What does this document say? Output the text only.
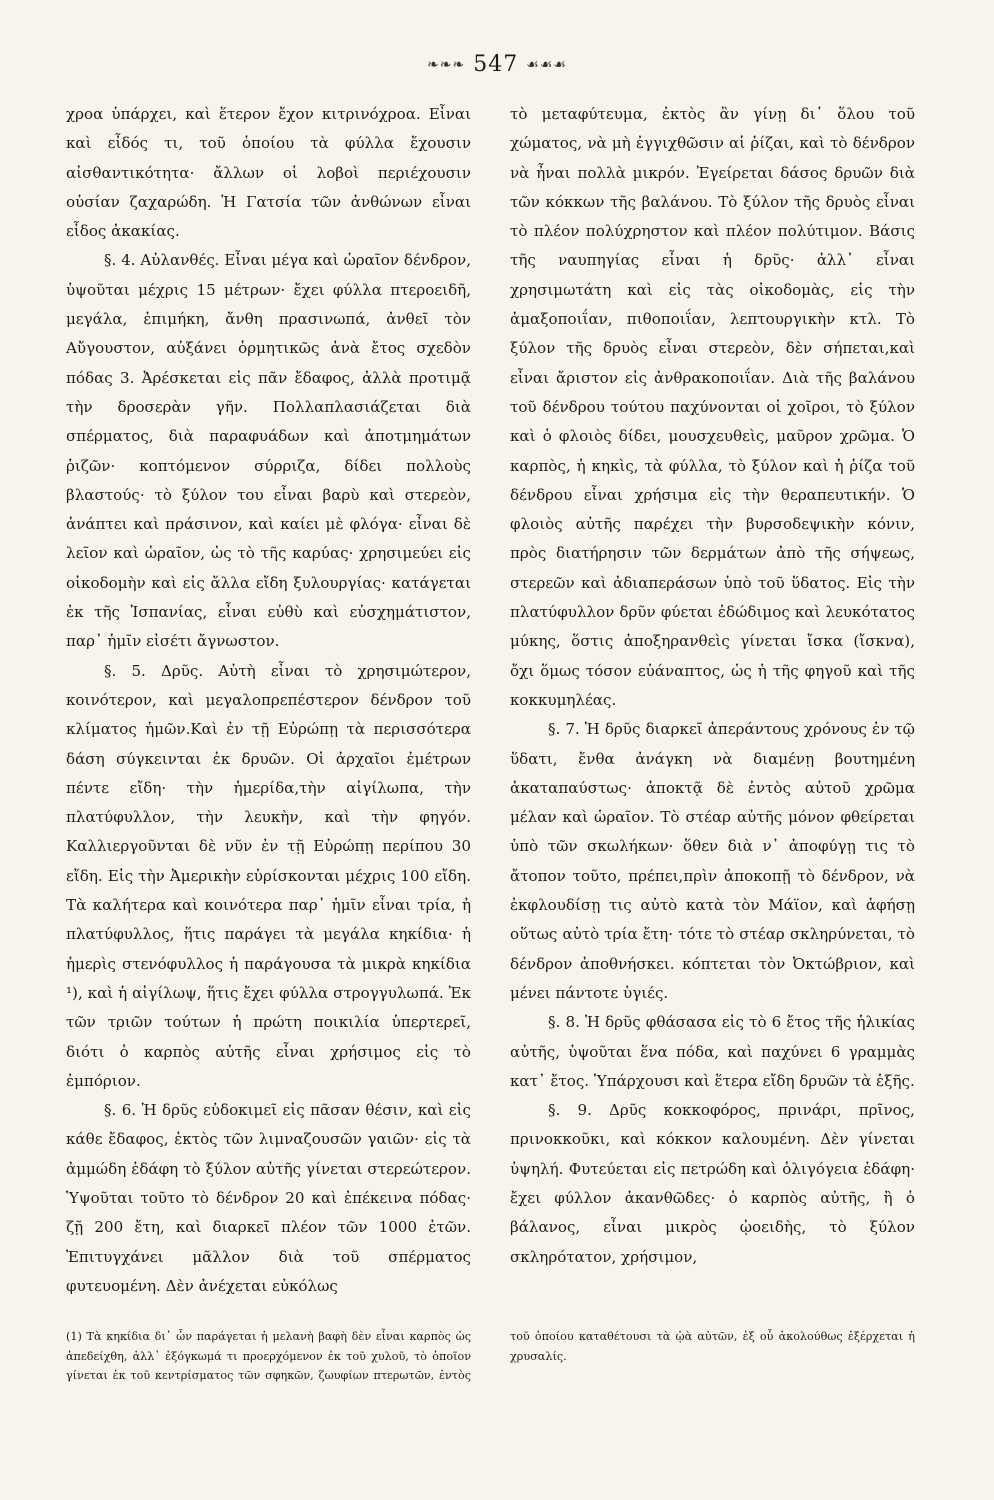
❧❧❧ 547 ☙☙☙

χροα ὑπάρχει, καὶ ἕτερον ἔχον κιτρινόχροα. Εἶναι καὶ εἶδός τι, τοῦ ὁποίου τὰ φύλλα ἔχουσιν αἰσθαντικότητα· ἄλλων οἱ λοβοὶ περιέχουσιν οὐσίαν ζαχαρώδη. Ἡ Γατσία τῶν ἀνθώνων εἶναι εἶδος ἀκακίας.

§. 4. Αὐλανθές. Εἶναι μέγα καὶ ὡραῖον δένδρον, ὑψοῦται μέχρις 15 μέτρων· ἔχει φύλλα πτεροειδῆ, μεγάλα, ἐπιμήκη, ἄνθη πρασινωπά, ἀνθεῖ τὸν Αὔγουστον, αὐξάνει ὁρμητικῶς ἀνὰ ἔτος σχεδὸν πόδας 3. Ἀρέσκεται εἰς πᾶν ἔδαφος, ἀλλὰ προτιμᾷ τὴν δροσερὰν γῆν. Πολλαπλασιάζεται διὰ σπέρματος, διὰ παραφυάδων καὶ ἀποτμημάτων ῥιζῶν· κοπτόμενον σύρριζα, δίδει πολλοὺς βλαστούς· τὸ ξύλον του εἶναι βαρὺ καὶ στερεὸν, ἀνάπτει καὶ πράσινον, καὶ καίει μὲ φλόγα· εἶναι δὲ λεῖον καὶ ὡραῖον, ὡς τὸ τῆς καρύας· χρησιμεύει εἰς οἰκοδομὴν καὶ εἰς ἄλλα εἴδη ξυλουργίας· κατάγεται ἐκ τῆς Ἱσπανίας, εἶναι εὐθὺ καὶ εὐσχημάτιστον, παρ᾽ ἡμῖν εἰσέτι ἄγνωστον.

§. 5. Δρῦς. Αὐτὴ εἶναι τὸ χρησιμώτερον, κοινότερον, καὶ μεγαλοπρεπέστερον δένδρον τοῦ κλίματος ἡμῶν.Καὶ ἐν τῇ Εὐρώπῃ τὰ περισσότερα δάση σύγκεινται ἐκ δρυῶν. Οἱ ἀρχαῖοι ἐμέτρων πέντε εἴδη· τὴν ἡμερίδα,τὴν αἰγίλωπα, τὴν πλατύφυλλον, τὴν λευκὴν, καὶ τὴν φηγόν. Καλλιεργοῦνται δὲ νῦν ἐν τῇ Εὐρώπῃ περίπου 30 εἴδη. Εἰς τὴν Ἀμερικὴν εὑρίσκονται μέχρις 100 εἴδη. Τὰ καλήτερα καὶ κοινότερα παρ᾽ ἡμῖν εἶναι τρία, ἡ πλατύφυλλος, ἥτις παράγει τὰ μεγάλα κηκίδια· ἡ ἡμερὶς στενόφυλλος ἡ παράγουσα τὰ μικρὰ κηκίδια ¹), καὶ ἡ αἰγίλωψ, ἥτις ἔχει φύλλα στρογγυλωπά. Ἐκ τῶν τριῶν τούτων ἡ πρώτη ποικιλία ὑπερτερεῖ, διότι ὁ καρπὸς αὐτῆς εἶναι χρήσιμος εἰς τὸ ἐμπόριον.

§. 6. Ἡ δρῦς εὐδοκιμεῖ εἰς πᾶσαν θέσιν, καὶ εἰς κάθε ἔδαφος, ἐκτὸς τῶν λιμναζουσῶν γαιῶν· εἰς τὰ ἀμμώδη ἐδάφη τὸ ξύλον αὐτῆς γίνεται στερεώτερον. Ὑψοῦται τοῦτο τὸ δένδρον 20 καὶ ἐπέκεινα πόδας· ζῇ 200 ἔτη, καὶ διαρκεῖ πλέον τῶν 1000 ἐτῶν. Ἐπιτυγχάνει μᾶλλον διὰ τοῦ σπέρματος φυτευομένη. Δὲν ἀνέχεται εὐκόλως

τὸ μεταφύτευμα, ἐκτὸς ἂν γίνῃ δι᾽ ὅλου τοῦ χώματος, νὰ μὴ ἐγγιχθῶσιν αἱ ῥίζαι, καὶ τὸ δένδρον νὰ ἦναι πολλὰ μικρόν. Ἐγείρεται δάσος δρυῶν διὰ τῶν κόκκων τῆς βαλάνου. Τὸ ξύλον τῆς δρυὸς εἶναι τὸ πλέον πολύχρηστον καὶ πλέον πολύτιμον. Βάσις τῆς ναυπηγίας εἶναι ἡ δρῦς· ἀλλ᾽ εἶναι χρησιμωτάτη καὶ εἰς τὰς οἰκοδομὰς, εἰς τὴν ἁμαξοποιΐαν, πιθοποιΐαν, λεπτουργικὴν κτλ. Τὸ ξύλον τῆς δρυὸς εἶναι στερεὸν, δὲν σήπεται,καὶ εἶναι ἄριστον εἰς ἀνθρακοποιΐαν. Διὰ τῆς βαλάνου τοῦ δένδρου τούτου παχύνονται οἱ χοῖροι, τὸ ξύλον καὶ ὁ φλοιὸς δίδει, μουσχευθεὶς, μαῦρον χρῶμα. Ὁ καρπὸς, ἡ κηκὶς, τὰ φύλλα, τὸ ξύλον καὶ ἡ ῥίζα τοῦ δένδρου εἶναι χρήσιμα εἰς τὴν θεραπευτικήν. Ὁ φλοιὸς αὐτῆς παρέχει τὴν βυρσοδεψικὴν κόνιν, πρὸς διατήρησιν τῶν δερμάτων ἀπὸ τῆς σήψεως, στερεῶν καὶ ἀδιαπεράσων ὑπὸ τοῦ ὕδατος. Εἰς τὴν πλατύφυλλον δρῦν φύεται ἐδώδιμος καὶ λευκότατος μύκης, ὅστις ἀποξηρανθεὶς γίνεται ἴσκα (ἴσκνα), ὄχι ὅμως τόσον εὐάναπτος, ὡς ἡ τῆς φηγοῦ καὶ τῆς κοκκυμηλέας.

§. 7. Ἡ δρῦς διαρκεῖ ἀπεράντους χρόνους ἐν τῷ ὕδατι, ἔνθα ἀνάγκη νὰ διαμένῃ βουτημένη ἀκαταπαύστως· ἀποκτᾷ δὲ ἐντὸς αὐτοῦ χρῶμα μέλαν καὶ ὡραῖον. Τὸ στέαρ αὐτῆς μόνον φθείρεται ὑπὸ τῶν σκωλήκων· ὅθεν διὰ ν᾽ ἀποφύγῃ τις τὸ ἄτοπον τοῦτο, πρέπει,πρὶν ἀποκοπῇ τὸ δένδρον, νὰ ἐκφλουδίσῃ τις αὐτὸ κατὰ τὸν Μάϊον, καὶ ἀφήσῃ οὕτως αὐτὸ τρία ἔτη· τότε τὸ στέαρ σκληρύνεται, τὸ δένδρον ἀποθνήσκει. κόπτεται τὸν Ὀκτώβριον, καὶ μένει πάντοτε ὑγιές.

§. 8. Ἡ δρῦς φθάσασα εἰς τὸ 6 ἔτος τῆς ἡλικίας αὐτῆς, ὑψοῦται ἕνα πόδα, καὶ παχύνει 6 γραμμὰς κατ᾽ ἔτος. Ὑπάρχουσι καὶ ἕτερα εἴδη δρυῶν τὰ ἑξῆς.

§. 9. Δρῦς κοκκοφόρος, πρινάρι, πρῖνος, πρινοκκοῦκι, καὶ κόκκον καλουμένη. Δὲν γίνεται ὑψηλή. Φυτεύεται εἰς πετρώδη καὶ ὀλιγόγεια ἐδάφη· ἔχει φύλλον ἀκανθῶδες· ὁ καρπὸς αὐτῆς, ἢ ὁ βάλανος, εἶναι μικρὸς ᾠοειδὴς, τὸ ξύλον σκληρότατον, χρήσιμον,

(1) Τὰ κηκίδια δι᾽ ὧν παράγεται ἡ μελανὴ βαφὴ δὲν εἶναι καρπὸς ὡς ἀπεδείχθη, ἀλλ᾽ ἐξόγκωμά τι προερχόμενον ἐκ τοῦ χυλοῦ, τὸ ὁποῖον γίνεται ἐκ τοῦ κεντρίσματος τῶν σφηκῶν, ζωυφίων πτερωτῶν, ἐντὸς τοῦ ὁποίου καταθέτουσι τὰ ᾠὰ αὐτῶν, ἐξ οὗ ἀκολούθως ἐξέρχεται ἡ χρυσαλίς.
